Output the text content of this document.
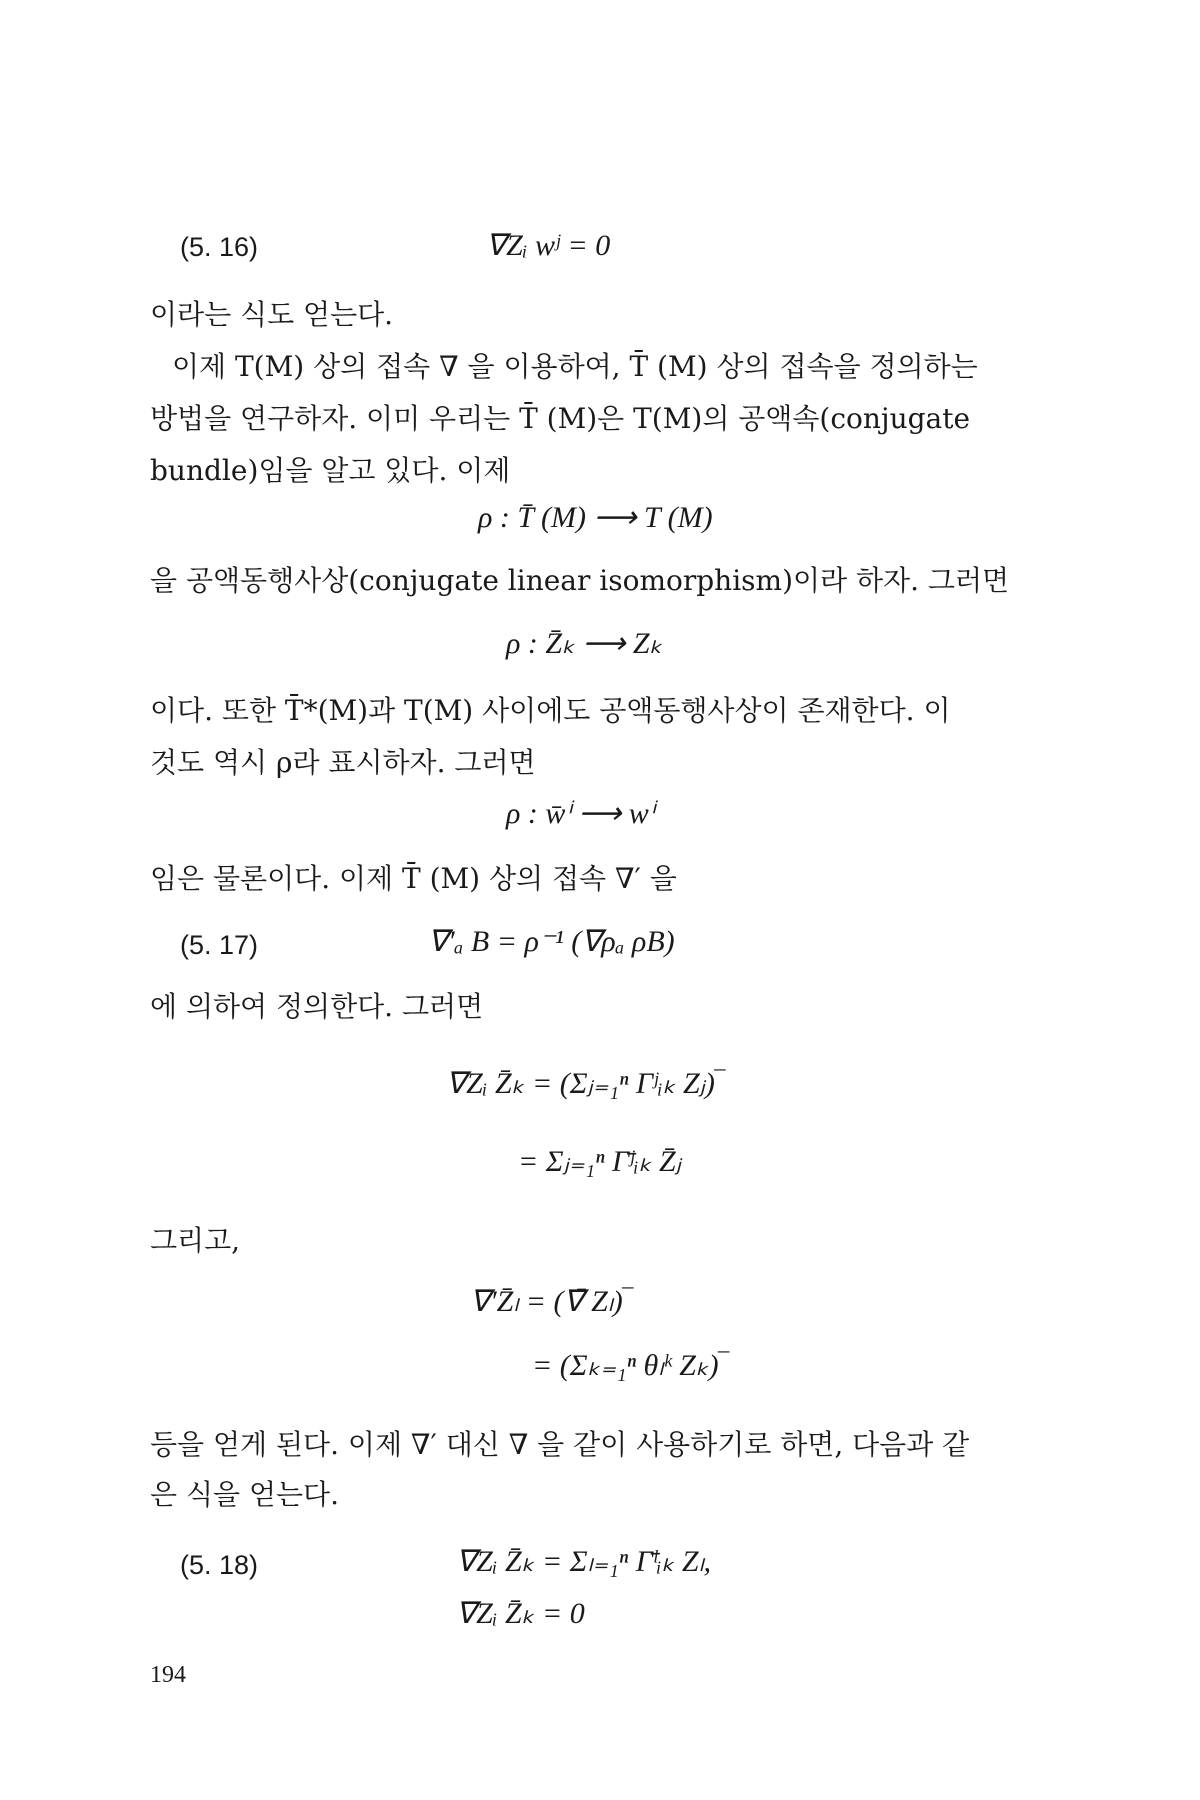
(5. 16)	∇Zᵢ wʲ = 0
이라는 식도 얻는다.
이제 T(M) 상의 접속 ∇ 을 이용하여, T̄ (M) 상의 접속을 정의하는
방법을 연구하자. 이미 우리는 T̄ (M)은 T(M)의 공액속(conjugate
bundle)임을 알고 있다. 이제
ρ : T̄ (M) ⟶ T (M)
을 공액동행사상(conjugate linear isomorphism)이라 하자. 그러면
ρ : Z̄ₖ ⟶ Zₖ
이다. 또한 T̄*(M)과 T(M) 사이에도 공액동행사상이 존재한다. 이
것도 역시 ρ라 표시하자. 그러면
ρ : w̄ⁱ ⟶ wⁱ
임은 물론이다. 이제 T̄ (M) 상의 접속 ∇′ 을
(5. 17)	∇′ₐ B = ρ⁻¹ (∇ρₐ ρB)
에 의하여 정의한다. 그러면
∇Zᵢ Z̄ₖ = (Σⱼ₌₁ⁿ Γʲᵢₖ Zⱼ)‾
= Σⱼ₌₁ⁿ Γ̄ʲᵢₖ Z̄ⱼ
그리고,
∇′Z̄ₗ = (∇̄ Zₗ)‾
= (Σₖ₌₁ⁿ θₗᵏ Zₖ)‾
등을 얻게 된다. 이제 ∇′ 대신 ∇ 을 같이 사용하기로 하면, 다음과 같
은 식을 얻는다.
(5. 18)	∇Zᵢ Z̄ₖ = Σₗ₌₁ⁿ Γ̄ˡᵢₖ Zₗ,
∇Zᵢ Z̄ₖ = 0
194
